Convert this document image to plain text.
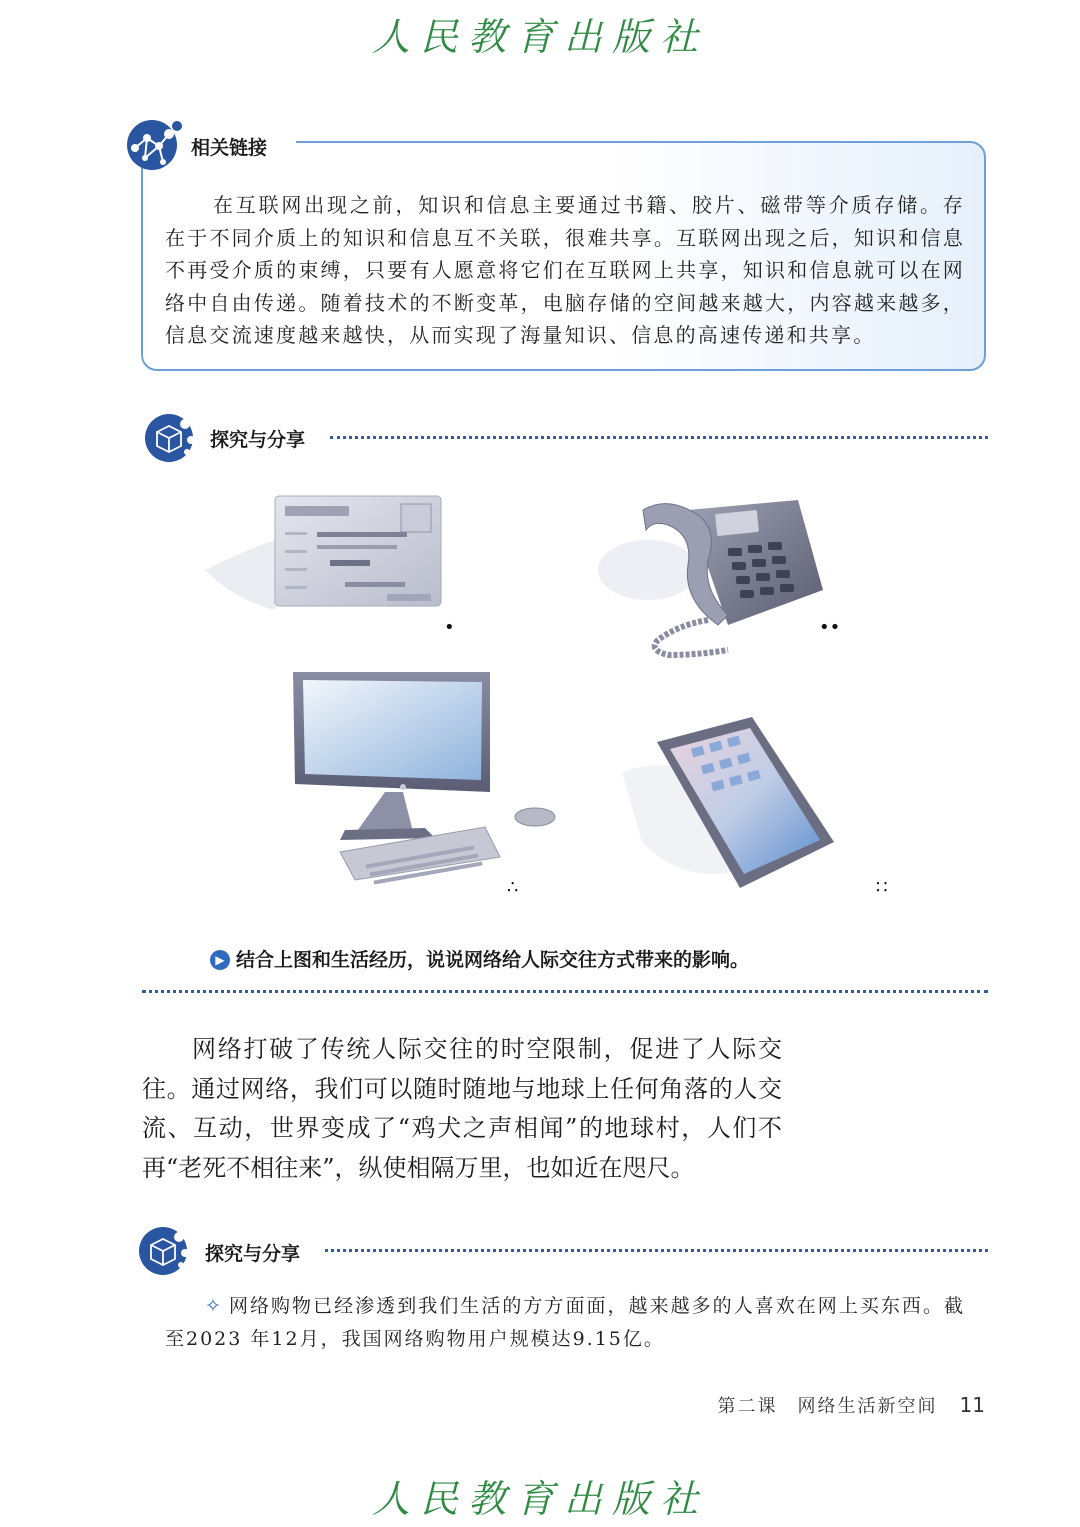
人民教育出版社
相关链接

在互联网出现之前，知识和信息主要通过书籍、胶片、磁带等介质存储。存在于不同介质上的知识和信息互不关联，很难共享。互联网出现之后，知识和信息不再受介质的束缚，只要有人愿意将它们在互联网上共享，知识和信息就可以在网络中自由传递。随着技术的不断变革，电脑存储的空间越来越大，内容越来越多，信息交流速度越来越快，从而实现了海量知识、信息的高速传递和共享。

探究与分享
•	••
∴	∷
▶ 结合上图和生活经历，说说网络给人际交往方式带来的影响。

网络打破了传统人际交往的时空限制，促进了人际交往。通过网络，我们可以随时随地与地球上任何角落的人交流、互动，世界变成了“鸡犬之声相闻”的地球村，人们不再“老死不相往来”，纵使相隔万里，也如近在咫尺。

探究与分享

✧ 网络购物已经渗透到我们生活的方方面面，越来越多的人喜欢在网上买东西。截至2023 年12月，我国网络购物用户规模达9.15亿。

第二课　网络生活新空间 11
人民教育出版社
